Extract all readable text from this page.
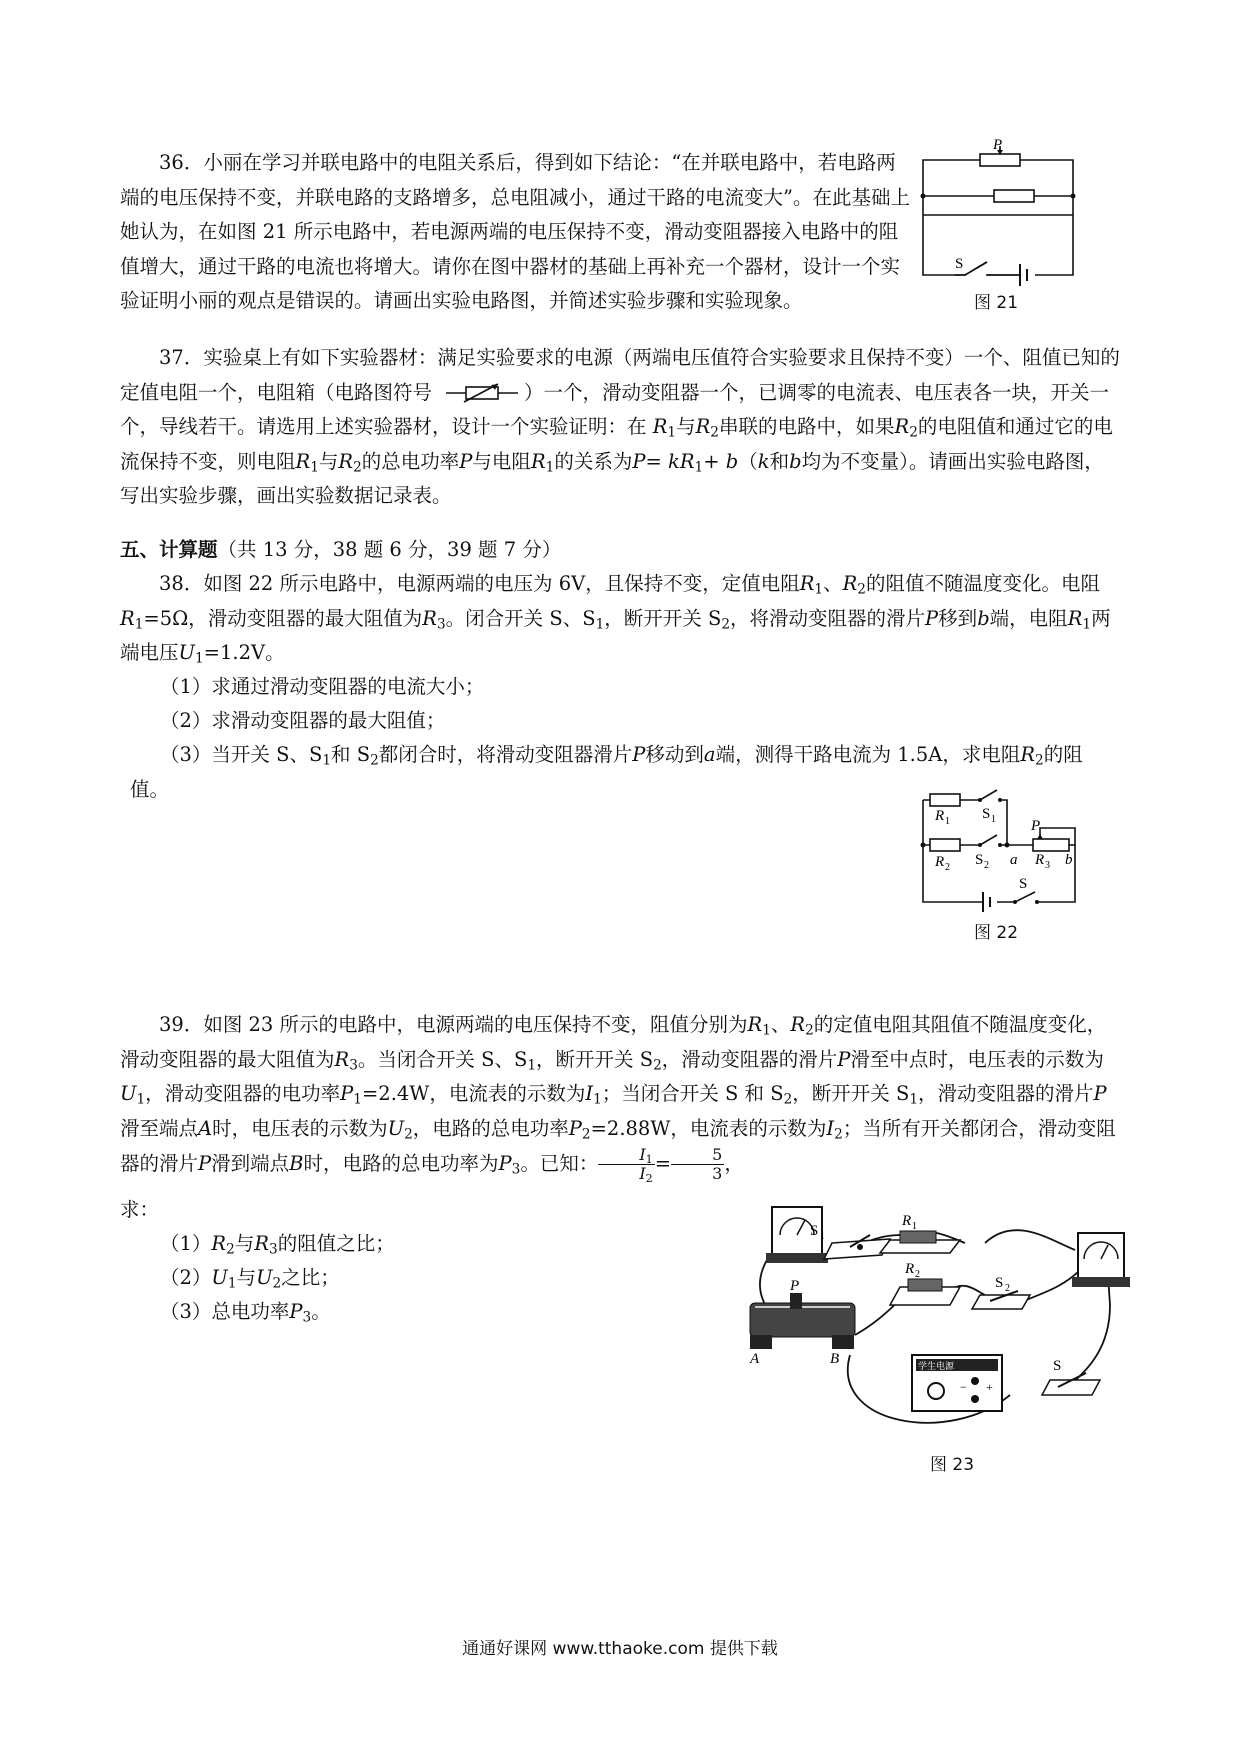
36．小丽在学习并联电路中的电阻关系后，得到如下结论：“在并联电路中，若电路两端的电压保持不变，并联电路的支路增多，总电阻减小，通过干路的电流变大”。在此基础上她认为，在如图 21 所示电路中，若电源两端的电压保持不变，滑动变阻器接入电路中的阻值增大，通过干路的电流也将增大。请你在图中器材的基础上再补充一个器材，设计一个实验证明小丽的观点是错误的。请画出实验电路图，并简述实验步骤和实验现象。

P
S
图 21

37．实验桌上有如下实验器材：满足实验要求的电源（两端电压值符合实验要求且保持不变）一个、阻值已知的定值电阻一个，电阻箱（电路图符号	）一个，滑动变阻器一个，已调零的电流表、电压表各一块，开关一个，导线若干。请选用上述实验器材，设计一个实验证明：在 $R_1$与$R_2$串联的电路中，如果$R_2$的电阻值和通过它的电流保持不变，则电阻$R_1$与$R_2$的总电功率P与电阻$R_1$的关系为$P= kR_1+ b(k$和b均为不变量）。请画出实验电路图，写出实验步骤，画出实验数据记录表。

五、计算题（共 13 分，38 题 6 分，39 题 7 分）

38．如图 22 所示电路中，电源两端的电压为 6V，且保持不变，定值电阻$R_1$、$R_2$的阻值不随温度变化。电阻$R_1=5\Omega$，滑动变阻器的最大阻值为$R_3$。闭合开关 S、$S_1$，断开开关 $S_2$，将滑动变阻器的滑片P移到b端，电阻$R_1$两端电压$U_1=1.2V$。

（1）求通过滑动变阻器的电流大小；

（2）求滑动变阻器的最大阻值；

（3）当开关 S、$S_1$和 $S_2$都闭合时，将滑动变阻器滑片P移动到a端，测得干路电流为 1.5A，求电阻$R_2$的阻值。

R 1 S 1
R 2 S 2 a R 3 b
P
S
图 22

39．如图 23 所示的电路中，电源两端的电压保持不变，阻值分别为$R_1$、$R_2$的定值电阻其阻值不随温度变化，滑动变阻器的最大阻值为$R_3$。当闭合开关 S、$S_1$，断开开关 $S_2$，滑动变阻器的滑片P滑至中点时，电压表的示数为$U_1$，滑动变阻器的电功率$P_1=2.4W$，电流表的示数为$I_1$；当闭合开关 S 和 $S_2$，断开开关 $S_1$，滑动变阻器的滑片P滑至端点A时，电压表的示数为$U_2$，电路的总电功率$P_2=2.88W$，电流表的示数为$I_2$；当所有开关都闭合，滑动变阻器的滑片P滑到端点B时，电路的总电功率为$P_3$。已知： $\frac{I_1}{I_2} = \frac{5}{3}$ ，

求：

$(1)R_2$与$R_3$的阻值之比；

$(2)U_1$与$U_2$之比；

（3）总电功率$P_3$。

S 1
R 1
P
A	B
R 2
S 2
S
− +
学生电源
图 23
通通好课网 www.tthaoke.com 提供下载
